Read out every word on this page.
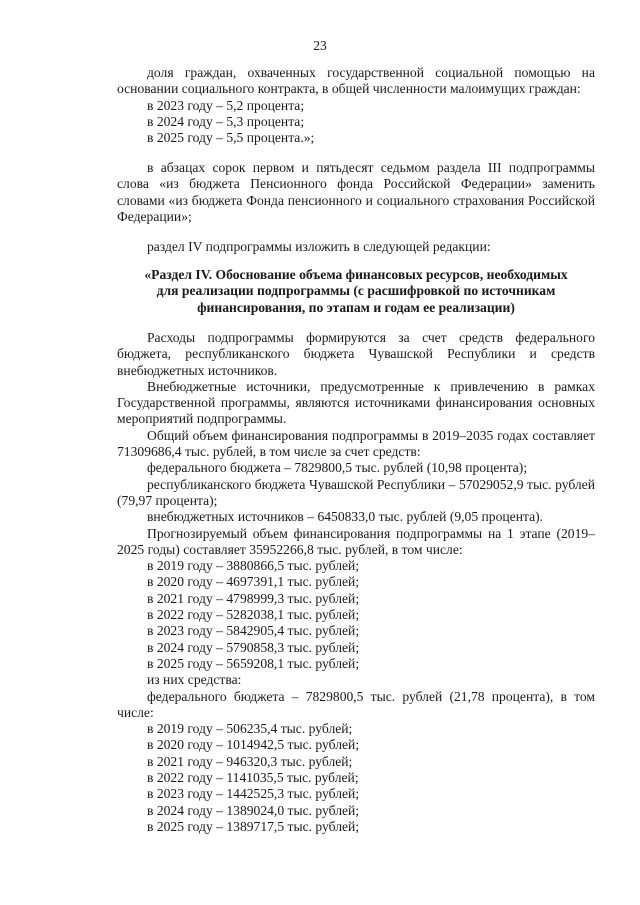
23

доля граждан, охваченных государственной социальной помощью на основании социального контракта, в общей численности малоимущих граждан:

в 2023 году – 5,2 процента;
в 2024 году – 5,3 процента;
в 2025 году – 5,5 процента.»;

в абзацах сорок первом и пятьдесят седьмом раздела III подпрограммы слова «из бюджета Пенсионного фонда Российской Федерации» заменить словами «из бюджета Фонда пенсионного и социального страхования Российской Федерации»;

раздел IV подпрограммы изложить в следующей редакции:

«Раздел IV. Обоснование объема финансовых ресурсов, необходимых
для реализации подпрограммы (с расшифровкой по источникам
финансирования, по этапам и годам ее реализации)

Расходы подпрограммы формируются за счет средств федерального бюджета, республиканского бюджета Чувашской Республики и средств внебюджетных источников.

Внебюджетные источники, предусмотренные к привлечению в рамках Государственной программы, являются источниками финансирования основных мероприятий подпрограммы.

Общий объем финансирования подпрограммы в 2019–2035 годах составляет 71309686,4 тыс. рублей, в том числе за счет средств:

федерального бюджета – 7829800,5 тыс. рублей (10,98 процента);

республиканского бюджета Чувашской Республики – 57029052,9 тыс. рублей (79,97 процента);

внебюджетных источников – 6450833,0 тыс. рублей (9,05 процента).

Прогнозируемый объем финансирования подпрограммы на 1 этапе (2019–2025 годы) составляет 35952266,8 тыс. рублей, в том числе:

в 2019 году – 3880866,5 тыс. рублей;
в 2020 году – 4697391,1 тыс. рублей;
в 2021 году – 4798999,3 тыс. рублей;
в 2022 году – 5282038,1 тыс. рублей;
в 2023 году – 5842905,4 тыс. рублей;
в 2024 году – 5790858,3 тыс. рублей;
в 2025 году – 5659208,1 тыс. рублей;

из них средства:

федерального бюджета – 7829800,5 тыс. рублей (21,78 процента), в том числе:

в 2019 году – 506235,4 тыс. рублей;
в 2020 году – 1014942,5 тыс. рублей;
в 2021 году – 946320,3 тыс. рублей;
в 2022 году – 1141035,5 тыс. рублей;
в 2023 году – 1442525,3 тыс. рублей;
в 2024 году – 1389024,0 тыс. рублей;
в 2025 году – 1389717,5 тыс. рублей;
